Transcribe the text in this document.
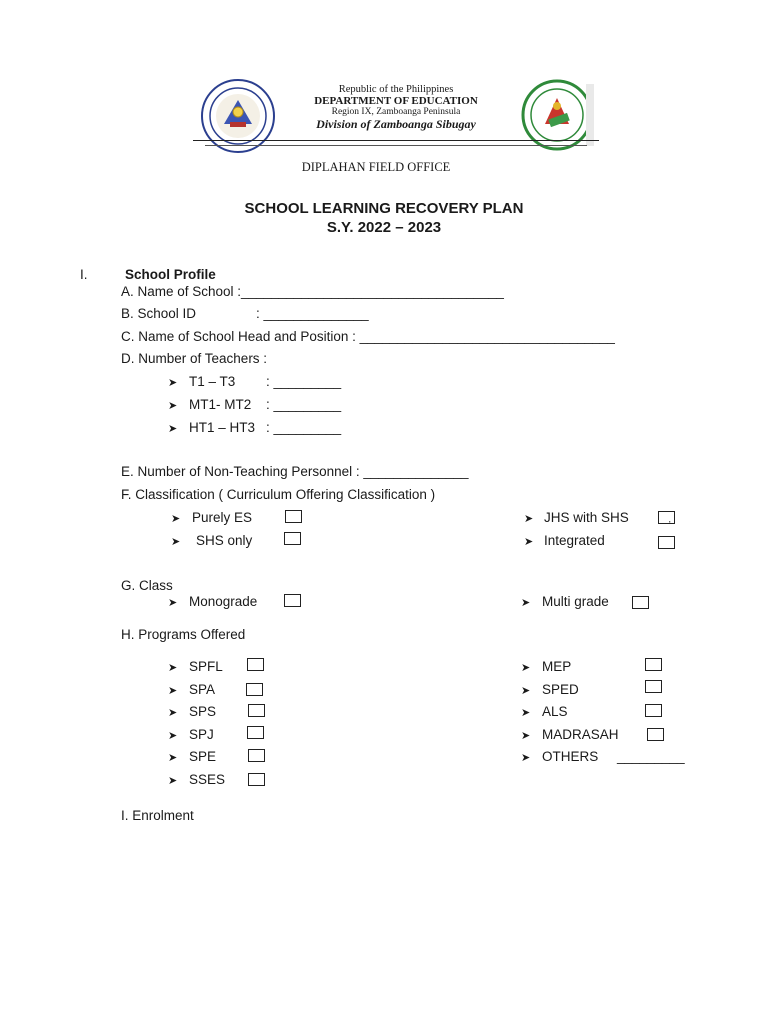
Republic of the Philippines
DEPARTMENT OF EDUCATION
Region IX, Zamboanga Peninsula
Division of Zamboanga Sibugay
DIPLAHAN FIELD OFFICE
SCHOOL LEARNING RECOVERY PLAN
S.Y. 2022 – 2023
I.	School Profile
A. Name of School :___________________________________
B. School ID	: ______________
C. Name of School Head and Position : __________________________________
D. Number of Teachers :
➤ T1 – T3 : _________
➤ MT1- MT2 : _________
➤ HT1 – HT3 : _________
E. Number of Non-Teaching Personnel : ______________
F. Classification ( Curriculum Offering Classification )
➤ Purely ES
➤ SHS only
➤ JHS with SHS	,
➤ Integrated
G. Class
➤ Monograde	➤ Multi grade
H. Programs Offered
➤ SPFL
➤ SPA
➤ SPS
➤ SPJ
➤ SPE
➤ SSES
➤ MEP
➤ SPED
➤ ALS
➤ MADRASAH
➤ OTHERS _________
I. Enrolment
